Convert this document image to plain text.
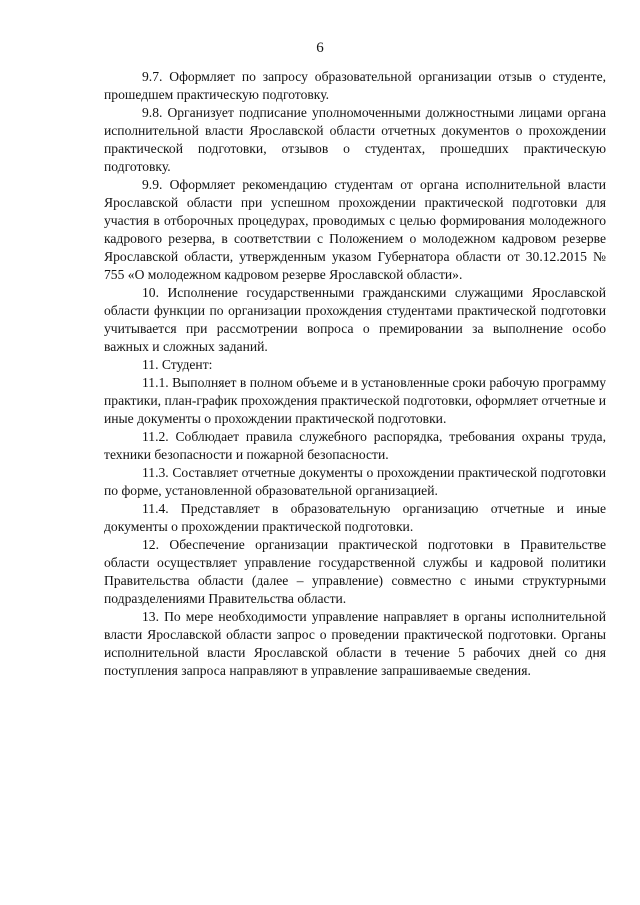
6

9.7. Оформляет по запросу образовательной организации отзыв о студенте, прошедшем практическую подготовку.

9.8. Организует подписание уполномоченными должностными лицами органа исполнительной власти Ярославской области отчетных документов о прохождении практической подготовки, отзывов о студентах, прошедших практическую подготовку.

9.9. Оформляет рекомендацию студентам от органа исполнительной власти Ярославской области при успешном прохождении практической подготовки для участия в отборочных процедурах, проводимых с целью формирования молодежного кадрового резерва, в соответствии с Положением о молодежном кадровом резерве Ярославской области, утвержденным указом Губернатора области от 30.12.2015 № 755 «О молодежном кадровом резерве Ярославской области».

10. Исполнение государственными гражданскими служащими Ярославской области функции по организации прохождения студентами практической подготовки учитывается при рассмотрении вопроса о премировании за выполнение особо важных и сложных заданий.

11. Студент:

11.1. Выполняет в полном объеме и в установленные сроки рабочую программу практики, план-график прохождения практической подготовки, оформляет отчетные и иные документы о прохождении практической подготовки.

11.2. Соблюдает правила служебного распорядка, требования охраны труда, техники безопасности и пожарной безопасности.

11.3. Составляет отчетные документы о прохождении практической подготовки по форме, установленной образовательной организацией.

11.4. Представляет в образовательную организацию отчетные и иные документы о прохождении практической подготовки.

12. Обеспечение организации практической подготовки в Правительстве области осуществляет управление государственной службы и кадровой политики Правительства области (далее – управление) совместно с иными структурными подразделениями Правительства области.

13. По мере необходимости управление направляет в органы исполнительной власти Ярославской области запрос о проведении практической подготовки. Органы исполнительной власти Ярославской области в течение 5 рабочих дней со дня поступления запроса направляют в управление запрашиваемые сведения.
